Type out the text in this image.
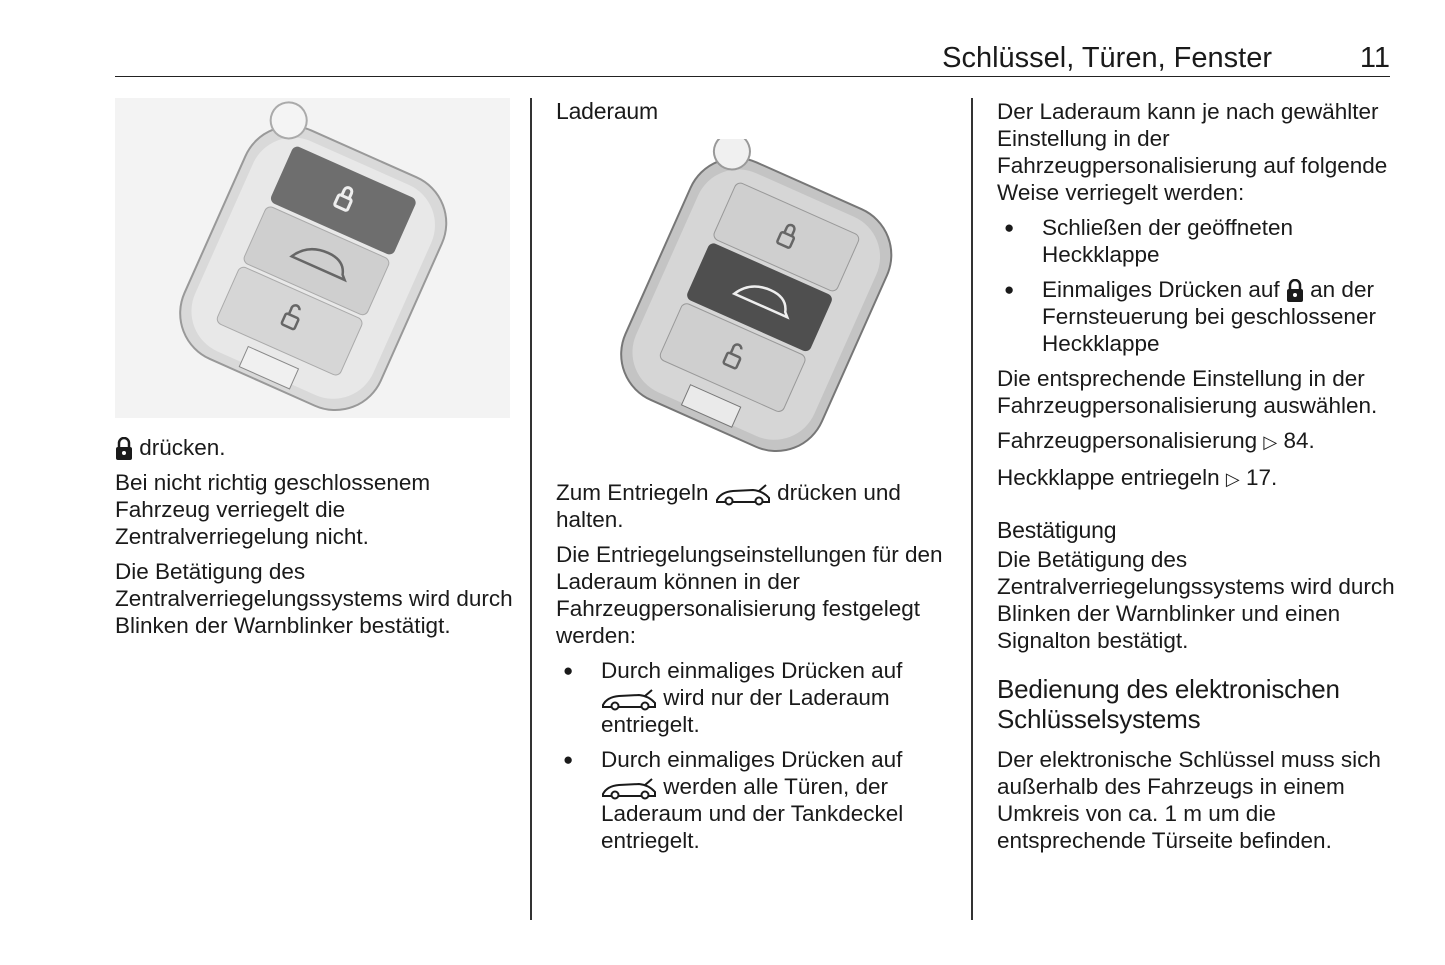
Schlüssel, Türen, Fenster	11

drücken.

Bei nicht richtig geschlossenem Fahrzeug verriegelt die Zentralverriegelung nicht.

Die Betätigung des Zentralverriegelungssystems wird durch Blinken der Warnblinker bestätigt.

Laderaum

Zum Entriegeln	drücken und halten.

Die Entriegelungseinstellungen für den Laderaum können in der Fahrzeugpersonalisierung festgelegt werden:

● Durch einmaliges Drücken auf  wird nur der Laderaum entriegelt.
● Durch einmaliges Drücken auf  werden alle Türen, der Laderaum und der Tankdeckel entriegelt.

Der Laderaum kann je nach gewählter Einstellung in der Fahrzeugpersonalisierung auf folgende Weise verriegelt werden:

● Schließen der geöffneten Heckklappe
● Einmaliges Drücken auf an der Fernsteuerung bei geschlossener Heckklappe

Die entsprechende Einstellung in der Fahrzeugpersonalisierung auswählen.

Fahrzeugpersonalisierung ▷ 84.

Heckklappe entriegeln ▷ 17.

Bestätigung

Die Betätigung des Zentralverriegelungssystems wird durch Blinken der Warnblinker und einen Signalton bestätigt.

Bedienung des elektronischen Schlüsselsystems

Der elektronische Schlüssel muss sich außerhalb des Fahrzeugs in einem Umkreis von ca. 1 m um die entsprechende Türseite befinden.
